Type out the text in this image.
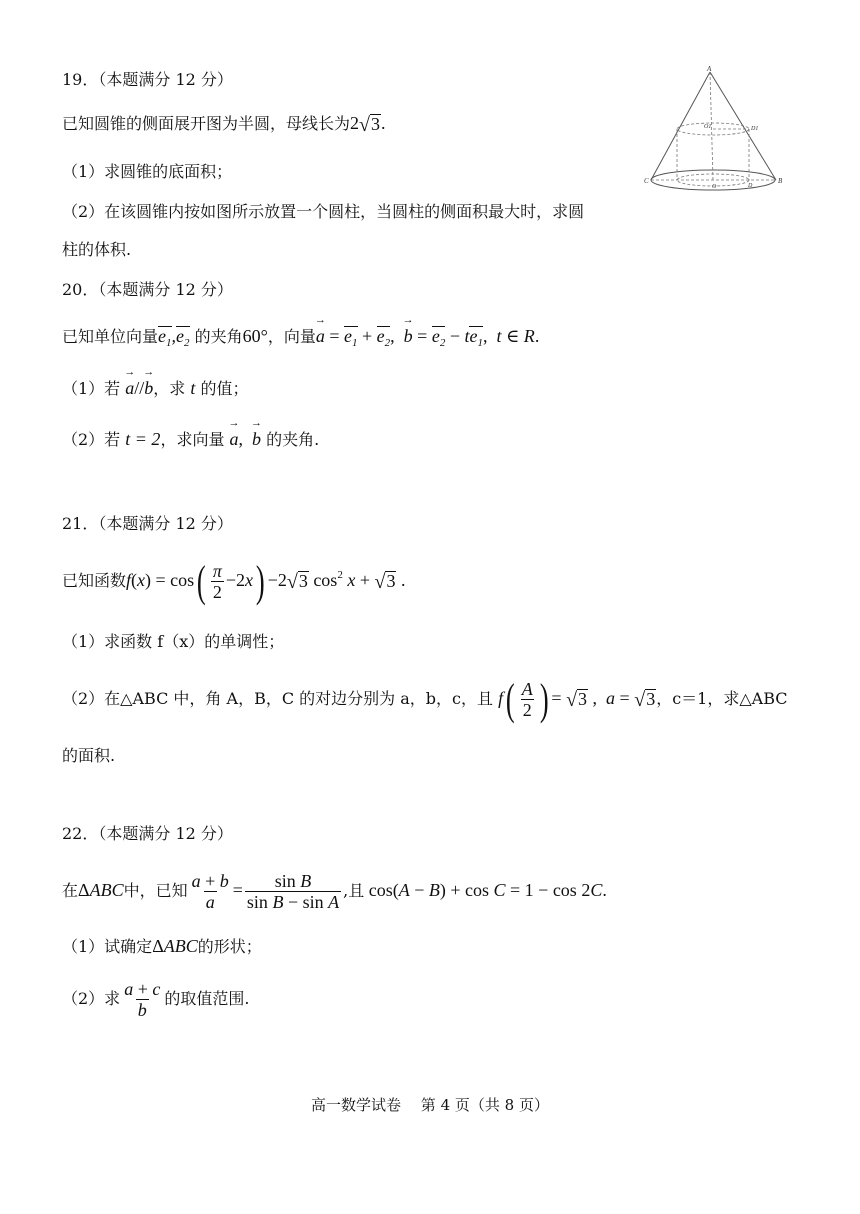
19．（本题满分 12 分）
已知圆锥的侧面展开图为半圆，母线长为2 √ 3 .
（1）求圆锥的底面积；
（2）在该圆锥内按如图所示放置一个圆柱，当圆柱的侧面积最大时，求圆
柱的体积.
A
O1	D1
C
O	D
B
20．（本题满分 12 分）
已知单位向量$e_1,e_2$ 的夹角60°，向量→ $a = e_1 + e_2$,  → $b = e_2 - te_1$,  t ∈ R.
（1）若 → a//→ b，求 t 的值；
（2）若 t = 2，求向量 → a,  → b 的夹角.
21．（本题满分 12 分）
已知函数$f(x) = \cos( \frac{\pi}{2} -2x) -2$ √ 3 $\cos^2 x$ + √ 3 .
（1）求函数 f（x）的单调性；
（2）在△ABC 中，角 A，B，C 的对边分别为 a，b，c，且 $f( \frac{A}{2}$ ) = √ 3 ,  a = √ 3 ，c＝1，求△ABC
的面积.
22．（本题满分 12 分）
在ΔABC中，已知 $\frac{a + b}{a} = \frac{\text{sin B}}{\text{sin B − sin A}}$ ,且 cos(A − B) + cos C = 1 − cos 2C.
（1）试确定ΔABC的形状；
（2）求 $\frac{a + c}{b}$ 的取值范围.
高一数学试卷　 第 4 页（共 8 页）
